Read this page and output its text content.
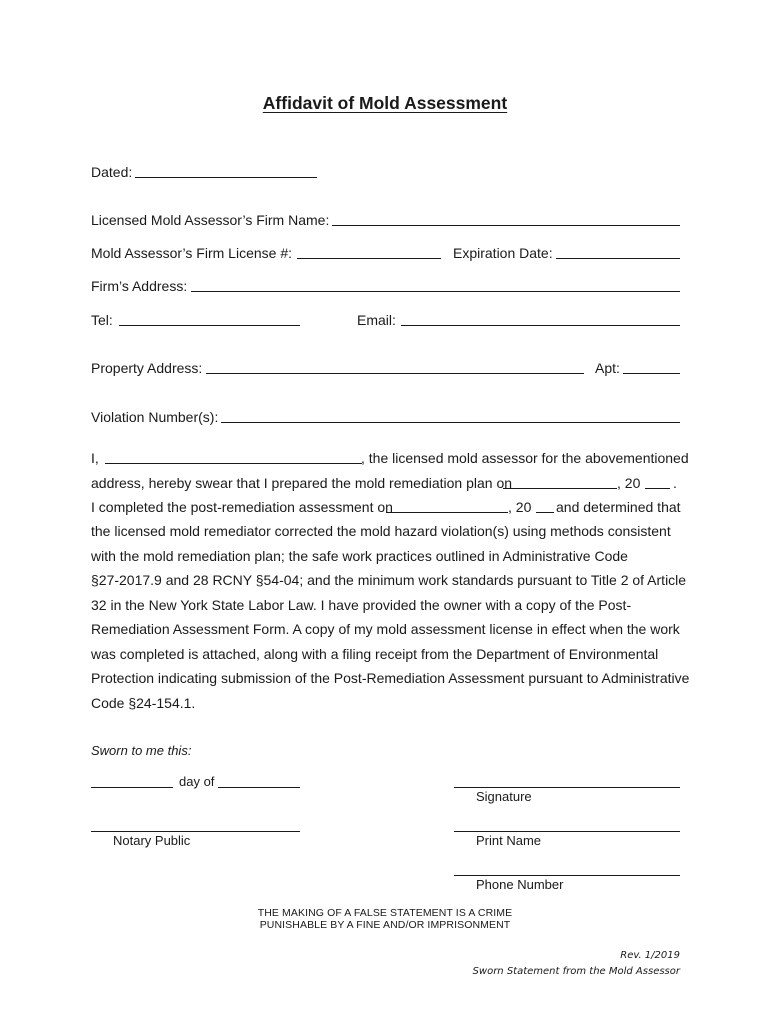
Affidavit of Mold Assessment
Dated:
Licensed Mold Assessor’s Firm Name:
Mold Assessor’s Firm License #:	Expiration Date:
Firm’s Address:
Tel:	Email:
Property Address:	Apt:
Violation Number(s):
I,	, the licensed mold assessor for the abovementioned
address, hereby swear that I prepared the mold remediation plan on	, 20 .
I completed the post-remediation assessment on	, 20 and determined that
the licensed mold remediator corrected the mold hazard violation(s) using methods consistent
with the mold remediation plan; the safe work practices outlined in Administrative Code
§27-2017.9 and 28 RCNY §54-04; and the minimum work standards pursuant to Title 2 of Article
32 in the New York State Labor Law. I have provided the owner with a copy of the Post-
Remediation Assessment Form. A copy of my mold assessment license in effect when the work
was completed is attached, along with a filing receipt from the Department of Environmental
Protection indicating submission of the Post-Remediation Assessment pursuant to Administrative
Code §24-154.1.
Sworn to me this:
day of
Signature
Notary Public	Print Name
Phone Number
THE MAKING OF A FALSE STATEMENT IS A CRIME
PUNISHABLE BY A FINE AND/OR IMPRISONMENT
Rev. 1/2019
Sworn Statement from the Mold Assessor
